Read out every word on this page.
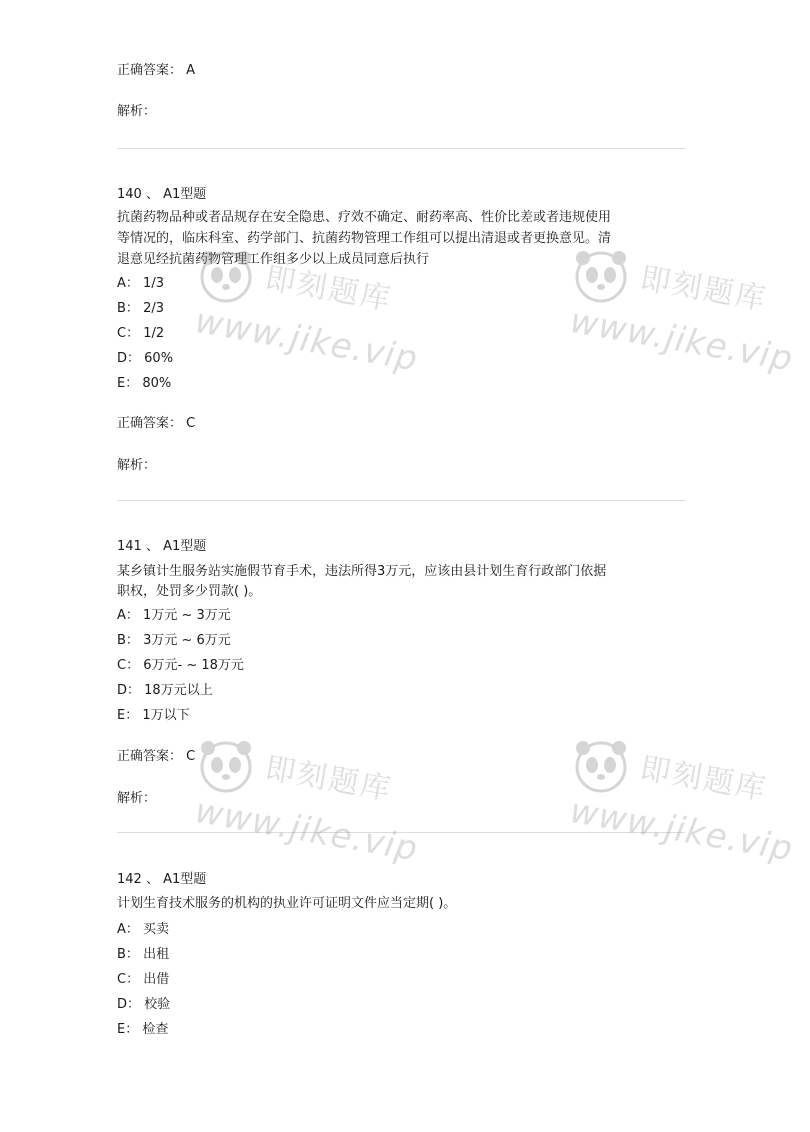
正确答案： A
解析：
140 、 A1型题
抗菌药物品种或者品规存在安全隐患、疗效不确定、耐药率高、性价比差或者违规使用
等情况的，临床科室、药学部门、抗菌药物管理工作组可以提出清退或者更换意见。清
退意见经抗菌药物管理工作组多少以上成员同意后执行
A： 1/3
B： 2/3
C： 1/2
D： 60%
E： 80%
正确答案： C
解析：
141 、 A1型题
某乡镇计生服务站实施假节育手术，违法所得3万元，应该由县计划生育行政部门依据
职权，处罚多少罚款( )。
A： 1万元 ~ 3万元
B： 3万元 ~ 6万元
C： 6万元- ~ 18万元
D： 18万元以上
E： 1万以下
正确答案： C
解析：
142 、 A1型题
计划生育技术服务的机构的执业许可证明文件应当定期( )。
A： 买卖
B： 出租
C： 出借
D： 校验
E： 检查
即刻题库
www.jike.vip
即刻题库
www.jike.vip
即刻题库
www.jike.vip
即刻题库
www.jike.vip
